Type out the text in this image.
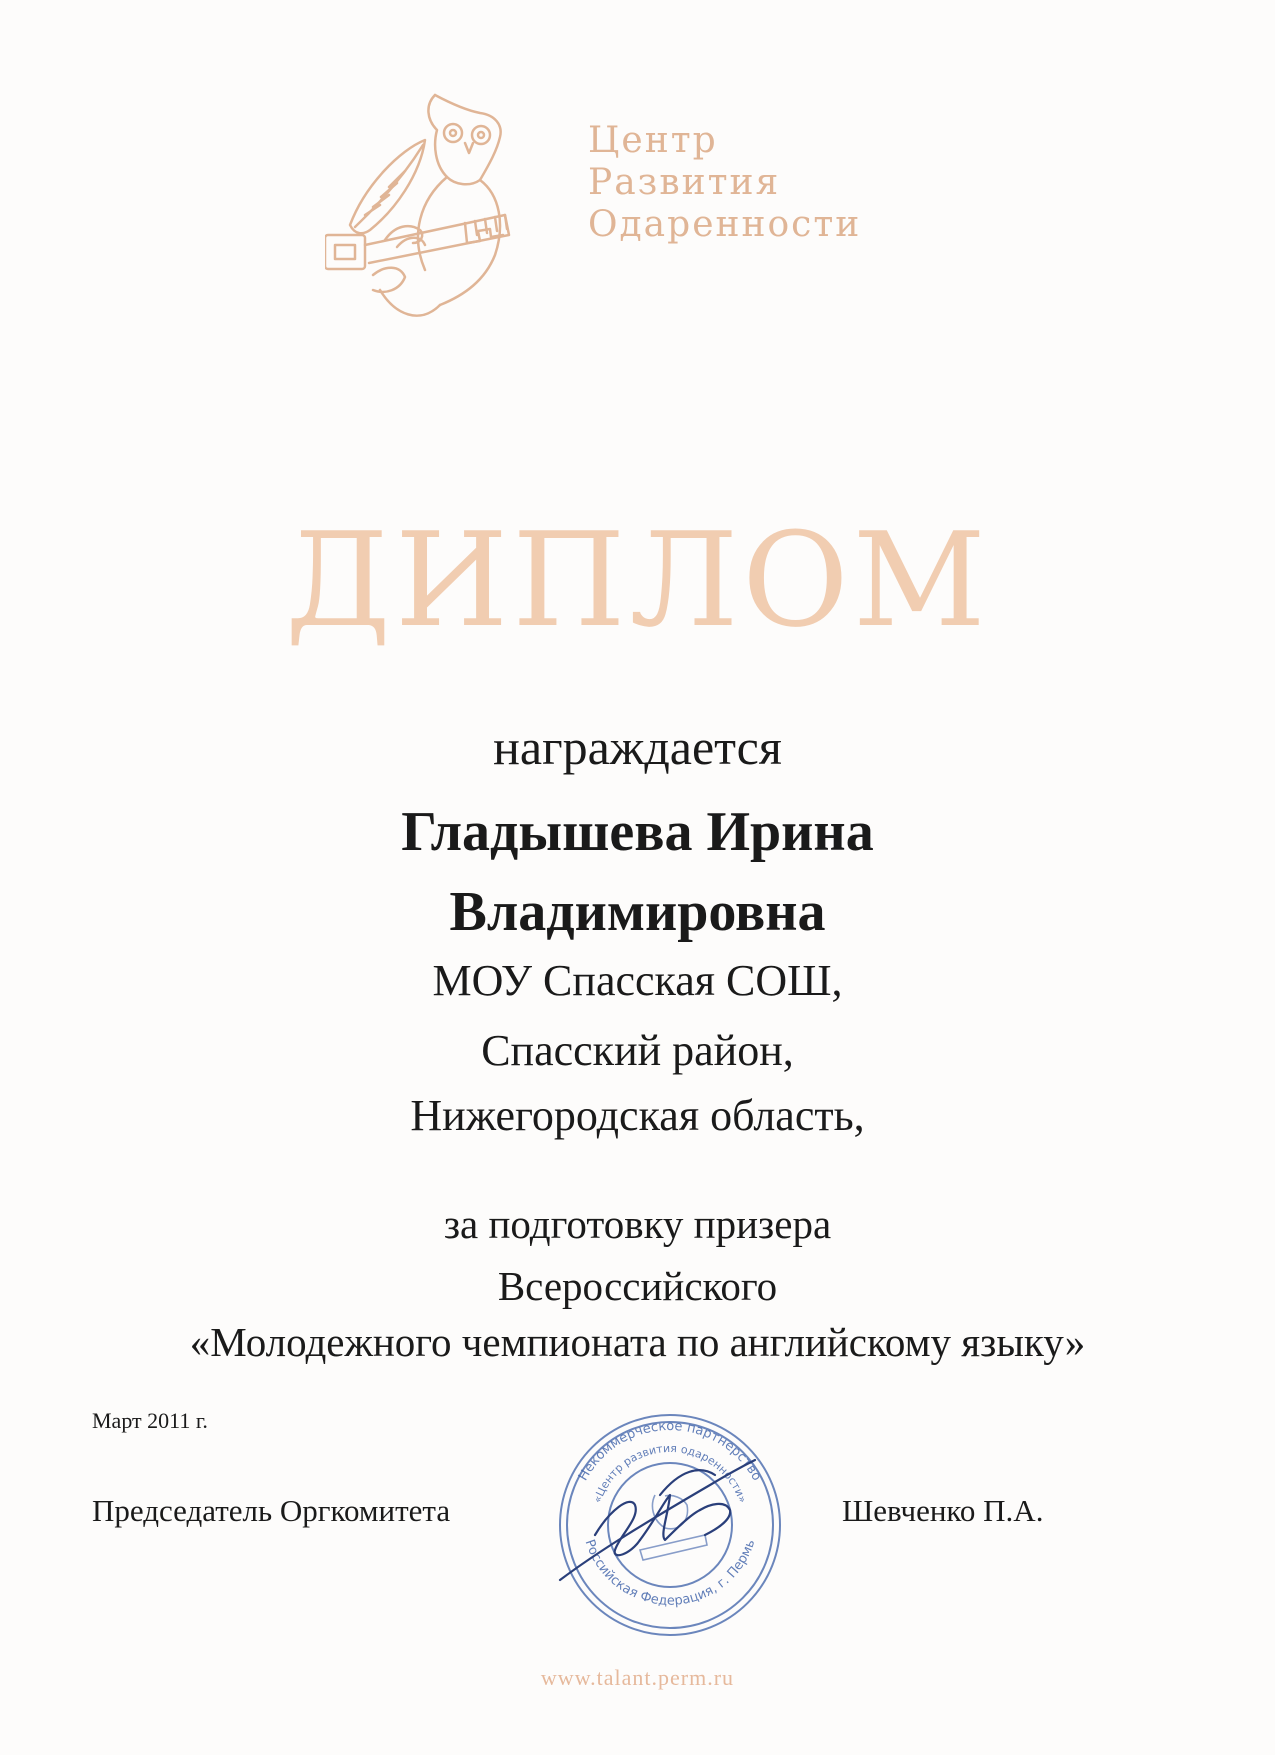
Центр
Развития
Одаренности
ДИПЛОМ
награждается
Гладышева Ирина
Владимировна
МОУ Спасская СОШ,
Спасский район,
Нижегородская область,
за подготовку призера
Всероссийского
«Молодежного чемпионата по английскому языку»
Март 2011 г.
Председатель Оргкомитета	Шевченко П.А.
Некоммерческое партнерство
«Центр развития одаренности»
Российская Федерация, г. Пермь
www.talant.perm.ru
